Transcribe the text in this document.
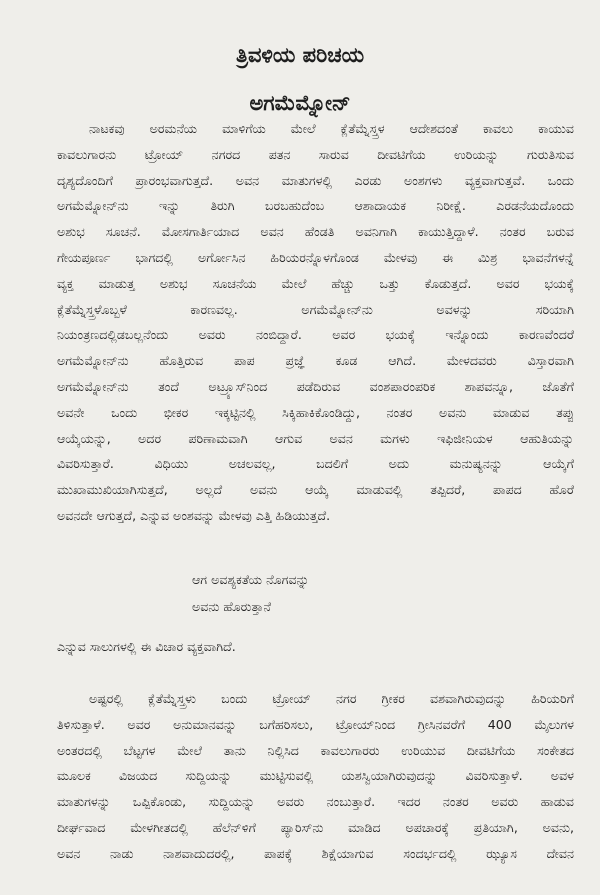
ತ್ರಿವಳಿಯ ಪರಿಚಯ
ಅಗಮೆಮ್ನೋನ್
ನಾಟಕವು ಅರಮನೆಯ ಮಾಳಿಗೆಯ ಮೇಲೆ ಕ್ಲೆತೆಮ್ನೆಸ್ತ್ರಳ ಆದೇಶದಂತೆ ಕಾವಲು ಕಾಯುವ
ಕಾವಲುಗಾರನು ಟ್ರೋಯ್ ನಗರದ ಪತನ ಸಾರುವ ದೀವಟಿಗೆಯ ಉರಿಯನ್ನು ಗುರುತಿಸುವ
ದೃಶ್ಯದೊಂದಿಗೆ ಪ್ರಾರಂಭವಾಗುತ್ತದೆ. ಅವನ ಮಾತುಗಳಲ್ಲಿ ಎರಡು ಅಂಶಗಳು ವ್ಯಕ್ತವಾಗುತ್ತವೆ. ಒಂದು
ಅಗಮೆಮ್ನೋನ್‌ನು ಇನ್ನು ತಿರುಗಿ ಬರಬಹುದೆಂಬ ಆಶಾದಾಯಕ ನಿರೀಕ್ಷೆ. ಎರಡನೆಯದೊಂದು
ಅಶುಭ ಸೂಚನೆ. ಮೋಸಗಾರ್ತಿಯಾದ ಅವನ ಹೆಂಡತಿ ಅವನಿಗಾಗಿ ಕಾಯುತ್ತಿದ್ದಾಳೆ. ನಂತರ ಬರುವ
ಗೇಯಪೂರ್ಣ ಭಾಗದಲ್ಲಿ ಅರ್ಗೋಸಿನ ಹಿರಿಯರನ್ನೊಳಗೊಂಡ ಮೇಳವು ಈ ಮಿಶ್ರ ಭಾವನೆಗಳನ್ನೆ
ವ್ಯಕ್ತ ಮಾಡುತ್ತ ಅಶುಭ ಸೂಚನೆಯ ಮೇಲೆ ಹೆಚ್ಚು ಒತ್ತು ಕೊಡುತ್ತದೆ. ಅವರ ಭಯಕ್ಕೆ
ಕ್ಲೆತೆಮ್ನೆಸ್ತ್ರಳೊಬ್ಬಳೆ ಕಾರಣವಲ್ಲ. ಅಗಮೆಮ್ನೋನ್‌ನು ಅವಳನ್ನು ಸರಿಯಾಗಿ
ನಿಯಂತ್ರಣದಲ್ಲಿಡಬಲ್ಲನೆಂದು ಅವರು ನಂಬಿದ್ದಾರೆ. ಅವರ ಭಯಕ್ಕೆ ಇನ್ನೊಂದು ಕಾರಣವೆಂದರೆ
ಅಗಮೆಮ್ನೋನ್‌ನು ಹೊತ್ತಿರುವ ಪಾಪ ಪ್ರಜ್ಞೆ ಕೂಡ ಆಗಿದೆ. ಮೇಳದವರು ವಿಸ್ತಾರವಾಗಿ
ಅಗಮೆಮ್ನೋನ್‌ನು ತಂದೆ ಅಟ್ರ್ಯೂಸ್‌ನಿಂದ ಪಡೆದಿರುವ ವಂಶಪಾರಂಪರಿಕ ಶಾಪವನ್ನೂ, ಜೊತೆಗೆ
ಅವನೇ ಒಂದು ಭೀಕರ ಇಕ್ಕಟ್ಟಿನಲ್ಲಿ ಸಿಕ್ಕಿಹಾಕಿಕೊಂಡಿದ್ದು, ನಂತರ ಅವನು ಮಾಡುವ ತಪ್ಪು
ಆಯ್ಕೆಯನ್ನು, ಅದರ ಪರಿಣಾಮವಾಗಿ ಆಗುವ ಅವನ ಮಗಳು ಇಫಿಜೀನಿಯಳ ಆಹುತಿಯನ್ನು
ವಿವರಿಸುತ್ತಾರೆ. ವಿಧಿಯು ಅಚಲವಲ್ಲ, ಬದಲಿಗೆ ಅದು ಮನುಷ್ಯನನ್ನು ಆಯ್ಕೆಗೆ
ಮುಖಾಮುಖಿಯಾಗಿಸುತ್ತದೆ, ಅಲ್ಲದೆ ಅವನು ಆಯ್ಕೆ ಮಾಡುವಲ್ಲಿ ತಪ್ಪಿದರೆ, ಪಾಪದ ಹೊರೆ
ಅವನದೇ ಆಗುತ್ತದೆ, ಎನ್ನುವ ಅಂಶವನ್ನು ಮೇಳವು ಎತ್ತಿ ಹಿಡಿಯುತ್ತದೆ.
ಆಗ ಅವಶ್ಯಕತೆಯ ನೊಗವನ್ನು
ಅವನು ಹೊರುತ್ತಾನೆ
ಎನ್ನುವ ಸಾಲುಗಳಲ್ಲಿ ಈ ವಿಚಾರ ವ್ಯಕ್ತವಾಗಿದೆ.
ಅಷ್ಟರಲ್ಲಿ ಕ್ಲೆತೆಮ್ನೆಸ್ತ್ರಳು ಬಂದು ಟ್ರೋಯ್ ನಗರ ಗ್ರೀಕರ ವಶವಾಗಿರುವುದನ್ನು ಹಿರಿಯರಿಗೆ
ತಿಳಿಸುತ್ತಾಳೆ. ಅವರ ಅನುಮಾನವನ್ನು ಬಗೆಹರಿಸಲು, ಟ್ರೋಯ್‌ನಿಂದ ಗ್ರೀಸಿನವರೆಗೆ 400 ಮೈಲುಗಳ
ಅಂತರದಲ್ಲಿ ಬೆಟ್ಟಗಳ ಮೇಲೆ ತಾನು ನಿಲ್ಲಿಸಿದ ಕಾವಲುಗಾರರು ಉರಿಯುವ ದೀವಟಿಗೆಯ ಸಂಕೇತದ
ಮೂಲಕ ವಿಜಯದ ಸುದ್ದಿಯನ್ನು ಮುಟ್ಟಿಸುವಲ್ಲಿ ಯಶಸ್ವಿಯಾಗಿರುವುದನ್ನು ವಿವರಿಸುತ್ತಾಳೆ. ಅವಳ
ಮಾತುಗಳನ್ನು ಒಪ್ಪಿಕೊಂಡು, ಸುದ್ದಿಯನ್ನು ಅವರು ನಂಬುತ್ತಾರೆ. ಇದರ ನಂತರ ಅವರು ಹಾಡುವ
ದೀರ್ಘವಾದ ಮೇಳಗೀತದಲ್ಲಿ ಹೆಲೆನ್‌ಳಿಗೆ ಪ್ಯಾರಿಸ್‌ನು ಮಾಡಿದ ಅಪಚಾರಕ್ಕೆ ಪ್ರತಿಯಾಗಿ, ಅವನು,
ಅವನ ನಾಡು ನಾಶವಾದುದರಲ್ಲಿ, ಪಾಪಕ್ಕೆ ಶಿಕ್ಷೆಯಾಗುವ ಸಂದರ್ಭದಲ್ಲಿ ಝ್ಯೂಸ ದೇವನ
